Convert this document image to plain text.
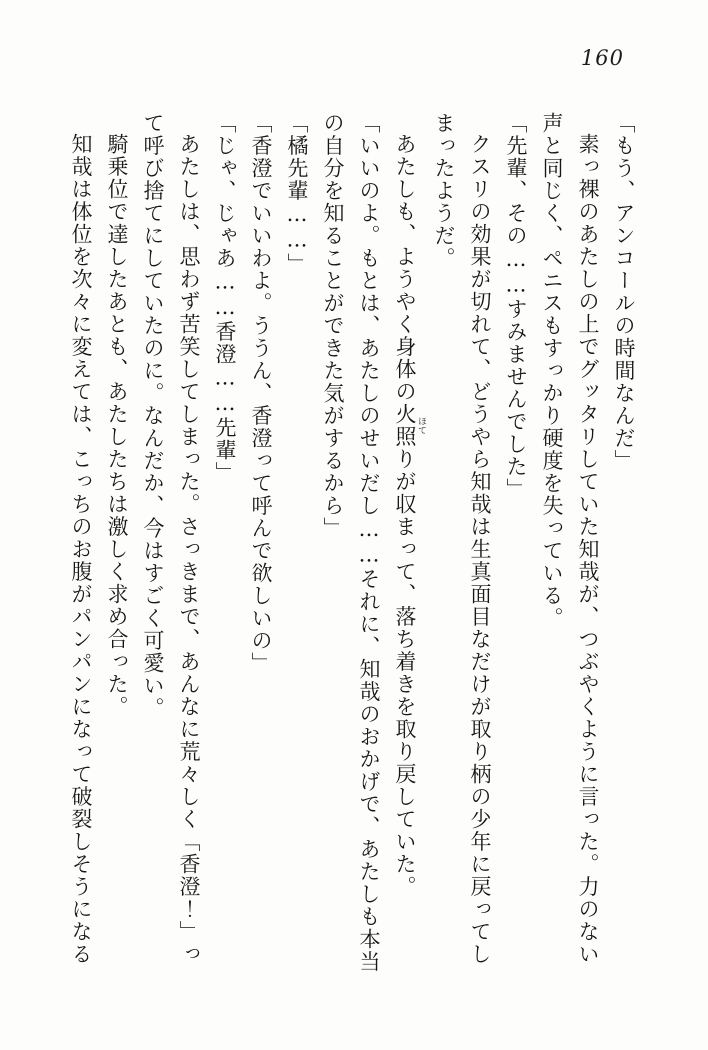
160

「もう、アンコールの時間なんだ」

素っ裸のあたしの上でグッタリしていた知哉が、つぶやくように言った。力のない

声と同じく、ペニスもすっかり硬度を失っている。

「先輩、その……すみませんでした」

クスリの効果が切れて、どうやら知哉は生真面目なだけが取り柄の少年に戻ってし

まったようだ。

あたしも、ようやく身体の火照 ほてりが収まって、落ち着きを取り戻していた。

「いいのよ。もとは、あたしのせいだし……それに、知哉のおかげで、あたしも本当

の自分を知ることができた気がするから」

「橘先輩……」

「香澄でいいわよ。ううん、香澄って呼んで欲しいの」

「じゃ、じゃあ……香澄……先輩」

あたしは、思わず苦笑してしまった。さっきまで、あんなに荒々しく「香澄！」っ

て呼び捨てにしていたのに。なんだか、今はすごく可愛い。

騎乗位で達したあとも、あたしたちは激しく求め合った。

知哉は体位を次々に変えては、こっちのお腹がパンパンになって破裂しそうになる
